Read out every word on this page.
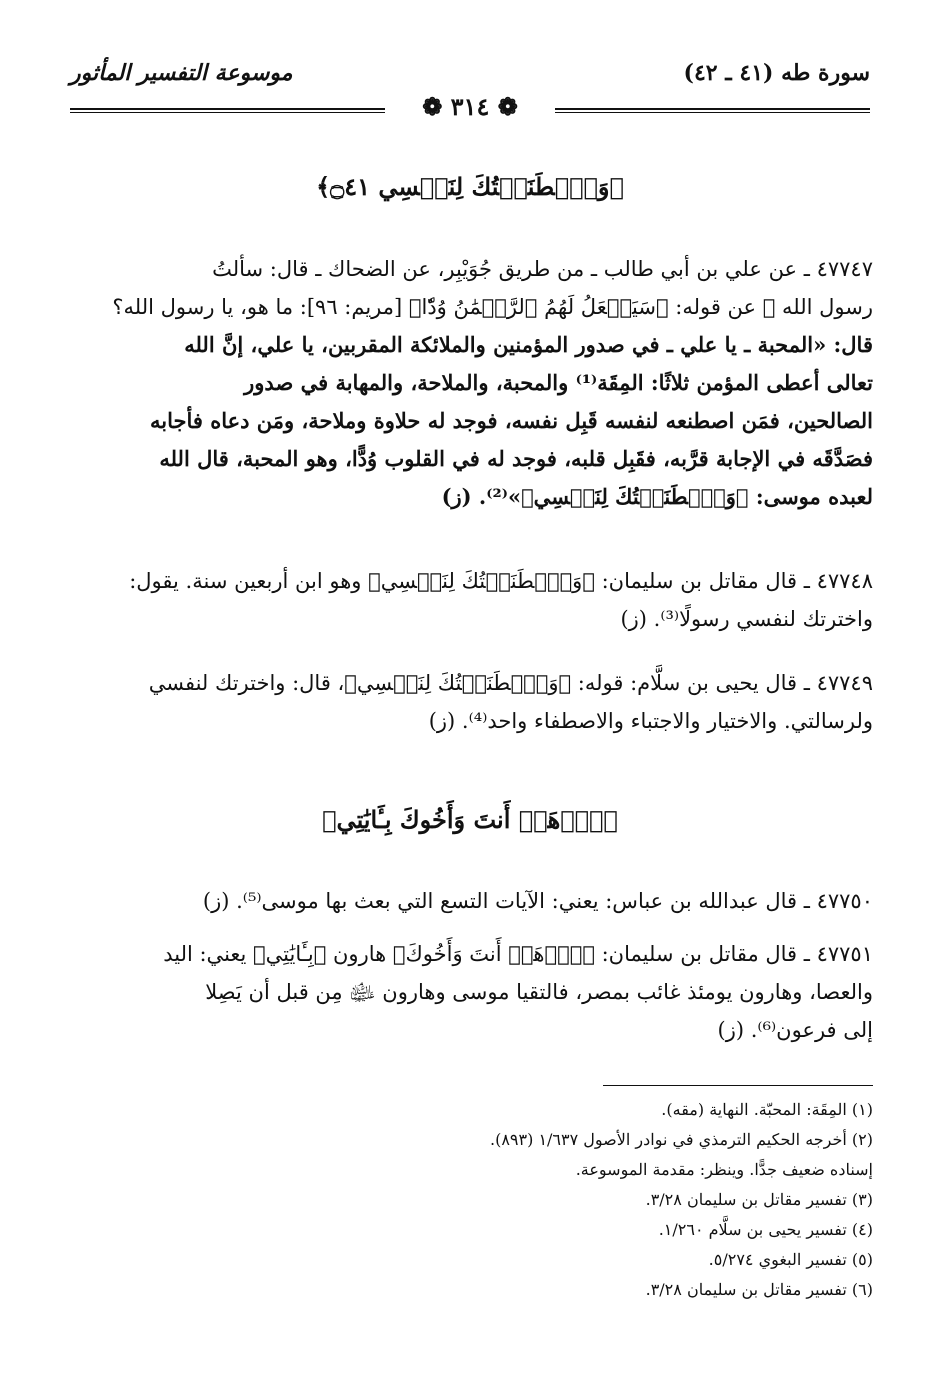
سورة طه (٤١ ـ ٤٢)
موسوعة التفسير المأثور
❁ ٣١٤ ❁
﴿وَٱصۡطَنَعۡتُكَ لِنَفۡسِي ۝٤١﴾
٤٧٧٤٧ ـ عن علي بن أبي طالب ـ من طريق جُوَيْبِر، عن الضحاك ـ قال: سألتُ
رسول الله ﷺ عن قوله: ﴿سَيَجۡعَلُ لَهُمُ ٱلرَّحۡمَٰنُ وُدّٗا﴾ [مريم: ٩٦]: ما هو، يا رسول الله؟
قال: «المحبة ـ يا علي ـ في صدور المؤمنين والملائكة المقربين، يا علي، إنَّ الله
تعالى أعطى المؤمن ثلاثًا: المِقَة⁽¹⁾ والمحبة، والملاحة، والمهابة في صدور
الصالحين، فمَن اصطنعه لنفسه قَبِل نفسه، فوجد له حلاوة وملاحة، ومَن دعاه فأجابه
فصَدَّقَه في الإجابة قرَّبه، فقَبِل قلبه، فوجد له في القلوب وُدًّا، وهو المحبة، قال الله
لعبده موسى: ﴿وَٱصۡطَنَعۡتُكَ لِنَفۡسِي﴾»⁽²⁾. (ز)
٤٧٧٤٨ ـ قال مقاتل بن سليمان: ﴿وَٱصۡطَنَعۡتُكَ لِنَفۡسِي﴾ وهو ابن أربعين سنة. يقول:
واخترتك لنفسي رسولًا⁽³⁾. (ز)
٤٧٧٤٩ ـ قال يحيى بن سلَّام: قوله: ﴿وَٱصۡطَنَعۡتُكَ لِنَفۡسِي﴾، قال: واخترتك لنفسي
ولرسالتي. والاختيار والاجتباء والاصطفاء واحد⁽⁴⁾. (ز)
﴿ٱذۡهَبۡ أَنتَ وَأَخُوكَ بِـَٔايَٰتِي﴾
٤٧٧٥٠ ـ قال عبدالله بن عباس: يعني: الآيات التسع التي بعث بها موسى⁽⁵⁾. (ز)
٤٧٧٥١ ـ قال مقاتل بن سليمان: ﴿ٱذۡهَبۡ أَنتَ وَأَخُوكَ﴾ هارون ﴿بِـَٔايَٰتِي﴾ يعني: اليد
والعصا، وهارون يومئذ غائب بمصر، فالتقيا موسى وهارون ﵉ مِن قبل أن يَصِلا
إلى فرعون⁽⁶⁾. (ز)
(١) المِقَة: المحبّة. النهاية (مقه).
(٢) أخرجه الحكيم الترمذي في نوادر الأصول ١/٦٣٧ (٨٩٣).
إسناده ضعيف جدًّا. وينظر: مقدمة الموسوعة.
(٣) تفسير مقاتل بن سليمان ٣/٢٨.
(٤) تفسير يحيى بن سلَّام ١/٢٦٠.
(٥) تفسير البغوي ٥/٢٧٤.
(٦) تفسير مقاتل بن سليمان ٣/٢٨.
